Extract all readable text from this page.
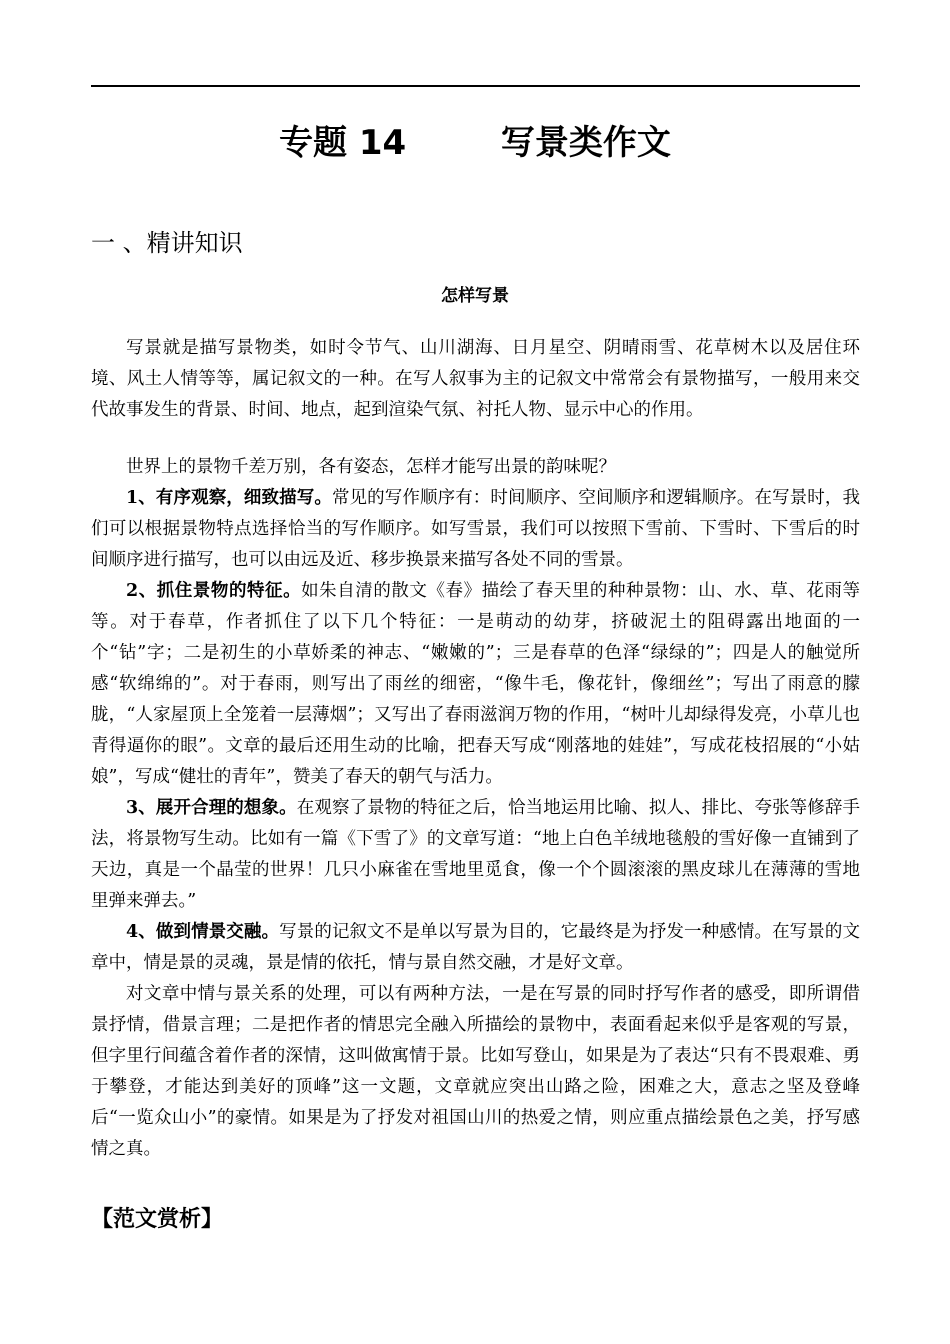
专题 14        写景类作文
一 、精讲知识
怎样写景

写景就是描写景物类，如时令节气、山川湖海、日月星空、阴晴雨雪、花草树木以及居住环境、风土人情等等，属记叙文的一种。在写人叙事为主的记叙文中常常会有景物描写，一般用来交代故事发生的背景、时间、地点，起到渲染气氛、衬托人物、显示中心的作用。

世界上的景物千差万别，各有姿态，怎样才能写出景的韵味呢？

1、有序观察，细致描写。常见的写作顺序有：时间顺序、空间顺序和逻辑顺序。在写景时，我们可以根据景物特点选择恰当的写作顺序。如写雪景，我们可以按照下雪前、下雪时、下雪后的时间顺序进行描写，也可以由远及近、移步换景来描写各处不同的雪景。

2、抓住景物的特征。如朱自清的散文《春》描绘了春天里的种种景物：山、水、草、花雨等等。对于春草，作者抓住了以下几个特征：一是萌动的幼芽，挤破泥土的阻碍露出地面的一个“钻”字；二是初生的小草娇柔的神志、“嫩嫩的”；三是春草的色泽“绿绿的”；四是人的触觉所感“软绵绵的”。对于春雨，则写出了雨丝的细密，“像牛毛，像花针，像细丝”；写出了雨意的朦胧，“人家屋顶上全笼着一层薄烟”；又写出了春雨滋润万物的作用，“树叶儿却绿得发亮，小草儿也青得逼你的眼”。文章的最后还用生动的比喻，把春天写成“刚落地的娃娃”，写成花枝招展的“小姑娘”，写成“健壮的青年”，赞美了春天的朝气与活力。

3、展开合理的想象。在观察了景物的特征之后，恰当地运用比喻、拟人、排比、夸张等修辞手法，将景物写生动。比如有一篇《下雪了》的文章写道：“地上白色羊绒地毯般的雪好像一直铺到了天边，真是一个晶莹的世界！几只小麻雀在雪地里觅食，像一个个圆滚滚的黑皮球儿在薄薄的雪地里弹来弹去。”

4、做到情景交融。写景的记叙文不是单以写景为目的，它最终是为抒发一种感情。在写景的文章中，情是景的灵魂，景是情的依托，情与景自然交融，才是好文章。

对文章中情与景关系的处理，可以有两种方法，一是在写景的同时抒写作者的感受，即所谓借景抒情，借景言理；二是把作者的情思完全融入所描绘的景物中，表面看起来似乎是客观的写景，但字里行间蕴含着作者的深情，这叫做寓情于景。比如写登山，如果是为了表达“只有不畏艰难、勇于攀登，才能达到美好的顶峰”这一文题，文章就应突出山路之险，困难之大，意志之坚及登峰后“一览众山小”的豪情。如果是为了抒发对祖国山川的热爱之情，则应重点描绘景色之美，抒写感情之真。

【范文赏析】
